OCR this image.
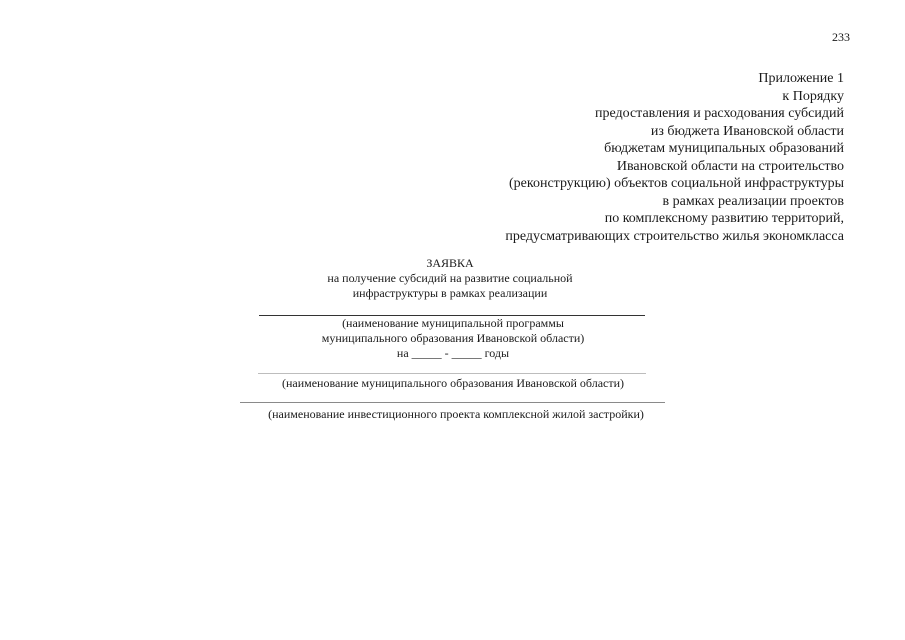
233
Приложение 1
к Порядку
предоставления и расходования субсидий
из бюджета Ивановской области
бюджетам муниципальных образований
Ивановской области на строительство
(реконструкцию) объектов социальной инфраструктуры
в рамках реализации проектов
по комплексному развитию территорий,
предусматривающих строительство жилья экономкласса
ЗАЯВКА
на получение субсидий на развитие социальной
инфраструктуры в рамках реализации
(наименование муниципальной программы
муниципального образования Ивановской области)
на _____ - _____ годы
(наименование муниципального образования Ивановской области)
(наименование инвестиционного проекта комплексной жилой застройки)
